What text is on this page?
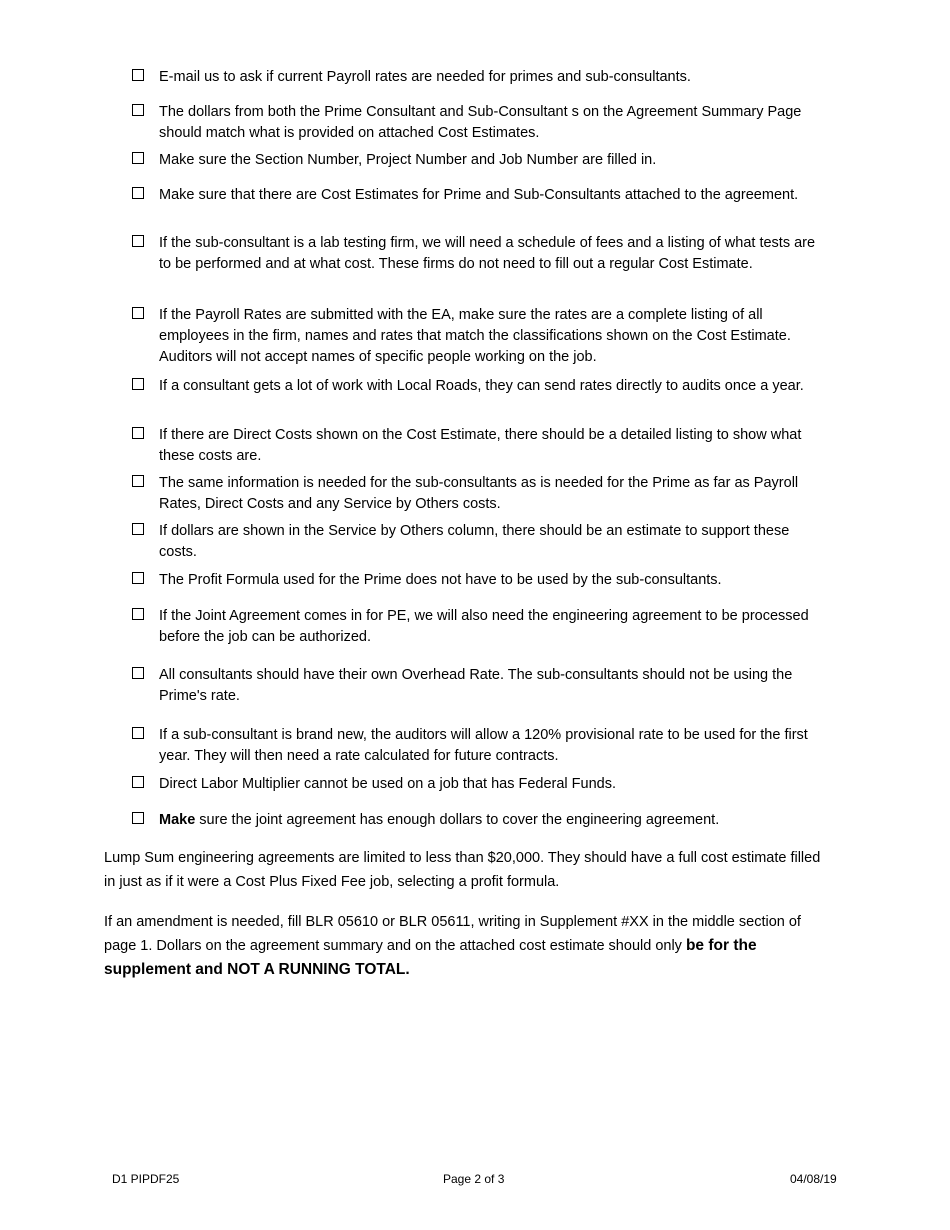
E-mail us to ask if current Payroll rates are needed for primes and sub-consultants.
The dollars from both the Prime Consultant and Sub-Consultant s on the Agreement Summary Page should match what is provided on attached Cost Estimates.
Make sure the Section Number, Project Number and Job Number are filled in.
Make sure that there are Cost Estimates for Prime and Sub-Consultants attached to the agreement.
If the sub-consultant is a lab testing firm, we will need a schedule of fees and a listing of what tests are to be performed and at what cost. These firms do not need to fill out a regular Cost Estimate.
If the Payroll Rates are submitted with the EA, make sure the rates are a complete listing of all employees in the firm, names and rates that match the classifications shown on the Cost Estimate. Auditors will not accept names of specific people working on the job.
If a consultant gets a lot of work with Local Roads, they can send rates directly to audits once a year.
If there are Direct Costs shown on the Cost Estimate, there should be a detailed listing to show what these costs are.
The same information is needed for the sub-consultants as is needed for the Prime as far as Payroll Rates, Direct Costs and any Service by Others costs.
If dollars are shown in the Service by Others column, there should be an estimate to support these costs.
The Profit Formula used for the Prime does not have to be used by the sub-consultants.
If the Joint Agreement comes in for PE, we will also need the engineering agreement to be processed before the job can be authorized.
All consultants should have their own Overhead Rate. The sub-consultants should not be using the Prime's rate.
If a sub-consultant is brand new, the auditors will allow a 120% provisional rate to be used for the first year. They will then need a rate calculated for future contracts.
Direct Labor Multiplier cannot be used on a job that has Federal Funds.
Make sure the joint agreement has enough dollars to cover the engineering agreement.
Lump Sum engineering agreements are limited to less than $20,000. They should have a full cost estimate filled in just as if it were a Cost Plus Fixed Fee job, selecting a profit formula.
If an amendment is needed, fill BLR 05610 or BLR 05611, writing in Supplement #XX in the middle section of page 1. Dollars on the agreement summary and on the attached cost estimate should only be for the supplement and NOT A RUNNING TOTAL.
D1 PIPDF25	Page 2 of 3	04/08/19
